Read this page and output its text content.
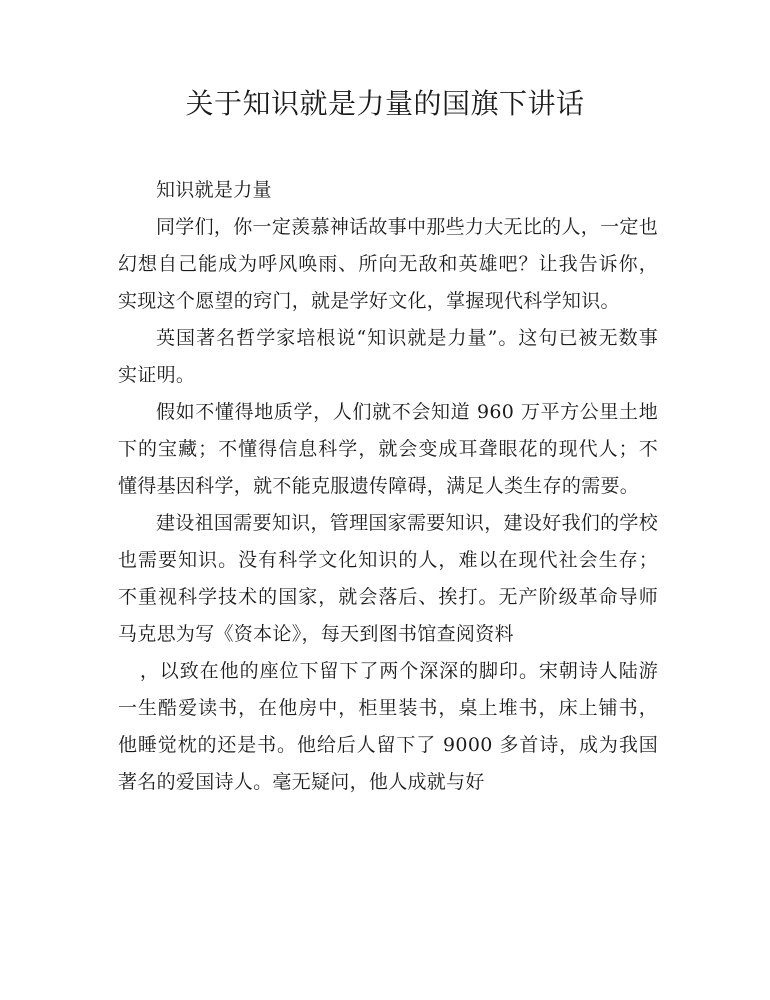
关于知识就是力量的国旗下讲话

知识就是力量

同学们，你一定羡慕神话故事中那些力大无比的人，一定也幻想自己能成为呼风唤雨、所向无敌和英雄吧？让我告诉你，实现这个愿望的窍门，就是学好文化，掌握现代科学知识。

英国著名哲学家培根说“知识就是力量”。这句已被无数事实证明。

假如不懂得地质学，人们就不会知道 960 万平方公里土地下的宝藏；不懂得信息科学，就会变成耳聋眼花的现代人；不懂得基因科学，就不能克服遗传障碍，满足人类生存的需要。

建设祖国需要知识，管理国家需要知识，建设好我们的学校也需要知识。没有科学文化知识的人，难以在现代社会生存；不重视科学技术的国家，就会落后、挨打。无产阶级革命导师马克思为写《资本论》，每天到图书馆查阅资料

，以致在他的座位下留下了两个深深的脚印。宋朝诗人陆游一生酷爱读书，在他房中，柜里装书，桌上堆书，床上铺书，他睡觉枕的还是书。他给后人留下了 9000 多首诗，成为我国著名的爱国诗人。毫无疑问，他人成就与好
